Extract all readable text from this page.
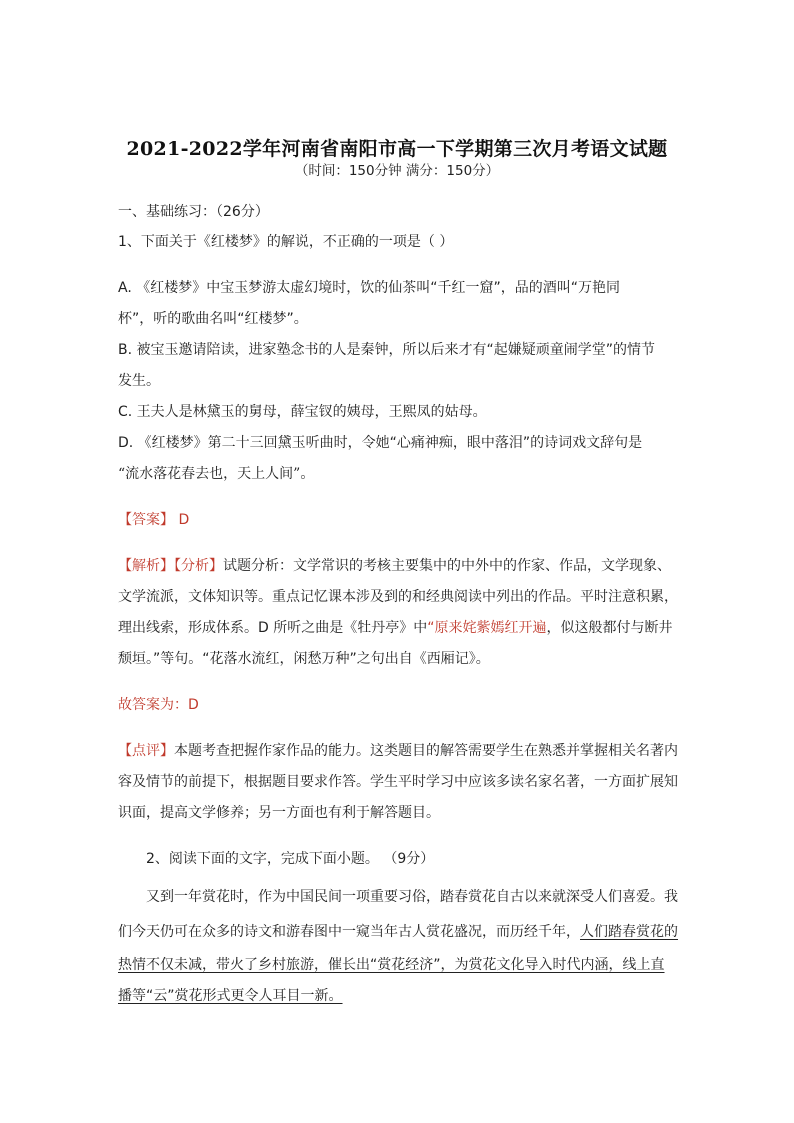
2021-2022学年河南省南阳市高一下学期第三次月考语文试题
（时间：150分钟 满分：150分）
一、基础练习：（26分）
1、下面关于《红楼梦》的解说，不正确的一项是（ ）
A. 《红楼梦》中宝玉梦游太虚幻境时，饮的仙茶叫“千红一窟”，品的酒叫“万艳同
杯”，听的歌曲名叫“红楼梦”。
B. 被宝玉邀请陪读，进家塾念书的人是秦钟，所以后来才有“起嫌疑顽童闹学堂”的情节
发生。
C. 王夫人是林黛玉的舅母，薛宝钗的姨母，王熙凤的姑母。
D. 《红楼梦》第二十三回黛玉听曲时，令她“心痛神痴，眼中落泪”的诗词戏文辞句是
“流水落花春去也，天上人间”。
【答案】 D
【解析】【分析】试题分析：文学常识的考核主要集中的中外中的作家、作品，文学现象、
文学流派，文体知识等。重点记忆课本涉及到的和经典阅读中列出的作品。平时注意积累，
理出线索，形成体系。D 所听之曲是《牡丹亭》中“原来姹紫嫣红开遍，似这般都付与断井
颓垣。”等句。“花落水流红，闲愁万种”之句出自《西厢记》。
故答案为：D
【点评】本题考查把握作家作品的能力。这类题目的解答需要学生在熟悉并掌握相关名著内
容及情节的前提下，根据题目要求作答。学生平时学习中应该多读名家名著，一方面扩展知
识面，提高文学修养；另一方面也有利于解答题目。
2、阅读下面的文字，完成下面小题。 （9分）
又到一年赏花时，作为中国民间一项重要习俗，踏春赏花自古以来就深受人们喜爱。我
们今天仍可在众多的诗文和游春图中一窥当年古人赏花盛况，而历经千年，人们踏春赏花的
热情不仅未减，带火了乡村旅游，催长出“赏花经济”，为赏花文化导入时代内涵，线上直
播等“云”赏花形式更令人耳目一新。
